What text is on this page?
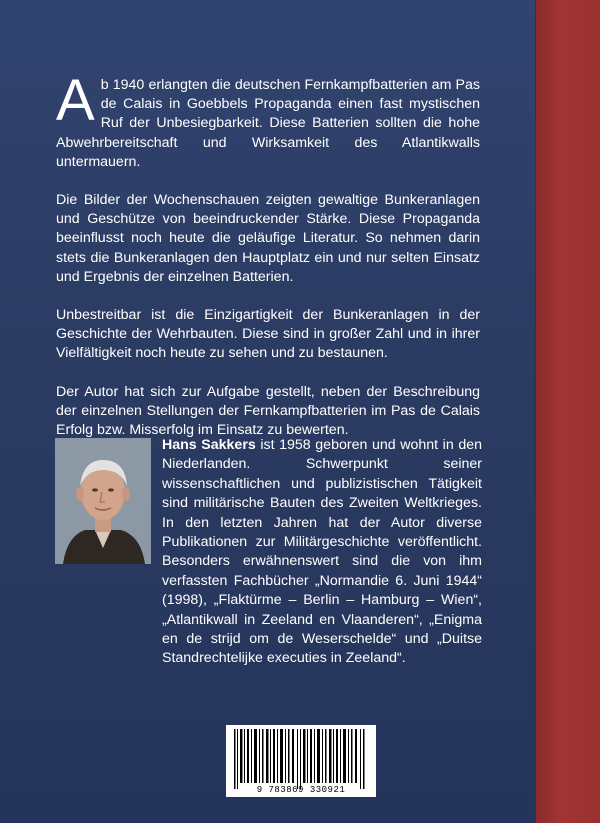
Ab 1940 erlangten die deutschen Fernkampfbatterien am Pas de Calais in Goebbels Propaganda einen fast mystischen Ruf der Unbesiegbarkeit. Diese Batterien sollten die hohe Abwehrbereitschaft und Wirksamkeit des Atlantikwalls untermauern.

Die Bilder der Wochenschauen zeigten gewaltige Bunkeranlagen und Geschütze von beeindruckender Stärke. Diese Propaganda beeinflusst noch heute die geläufige Literatur. So nehmen darin stets die Bunkeranlagen den Hauptplatz ein und nur selten Einsatz und Ergebnis der einzelnen Batterien.

Unbestreitbar ist die Einzigartigkeit der Bunkeranlagen in der Geschichte der Wehrbauten. Diese sind in großer Zahl und in ihrer Vielfältigkeit noch heute zu sehen und zu bestaunen.

Der Autor hat sich zur Aufgabe gestellt, neben der Beschreibung der einzelnen Stellungen der Fernkampfbatterien im Pas de Calais Erfolg bzw. Misserfolg im Einsatz zu bewerten.

Hans Sakkers ist 1958 geboren und wohnt in den Niederlanden. Schwerpunkt seiner wissenschaftlichen und publizistischen Tätigkeit sind militärische Bauten des Zweiten Weltkrieges. In den letzten Jahren hat der Autor diverse Publikationen zur Militärgeschichte veröffentlicht. Besonders erwähnenswert sind die von ihm verfassten Fachbücher „Normandie 6. Juni 1944“ (1998), „Flaktürme – Berlin – Hamburg – Wien“, „Atlantikwall in Zeeland en Vlaanderen“, „Enigma en de strijd om de Weserschelde“ und „Duitse Standrechtelijke executies in Zeeland“.
9 783869 330921
